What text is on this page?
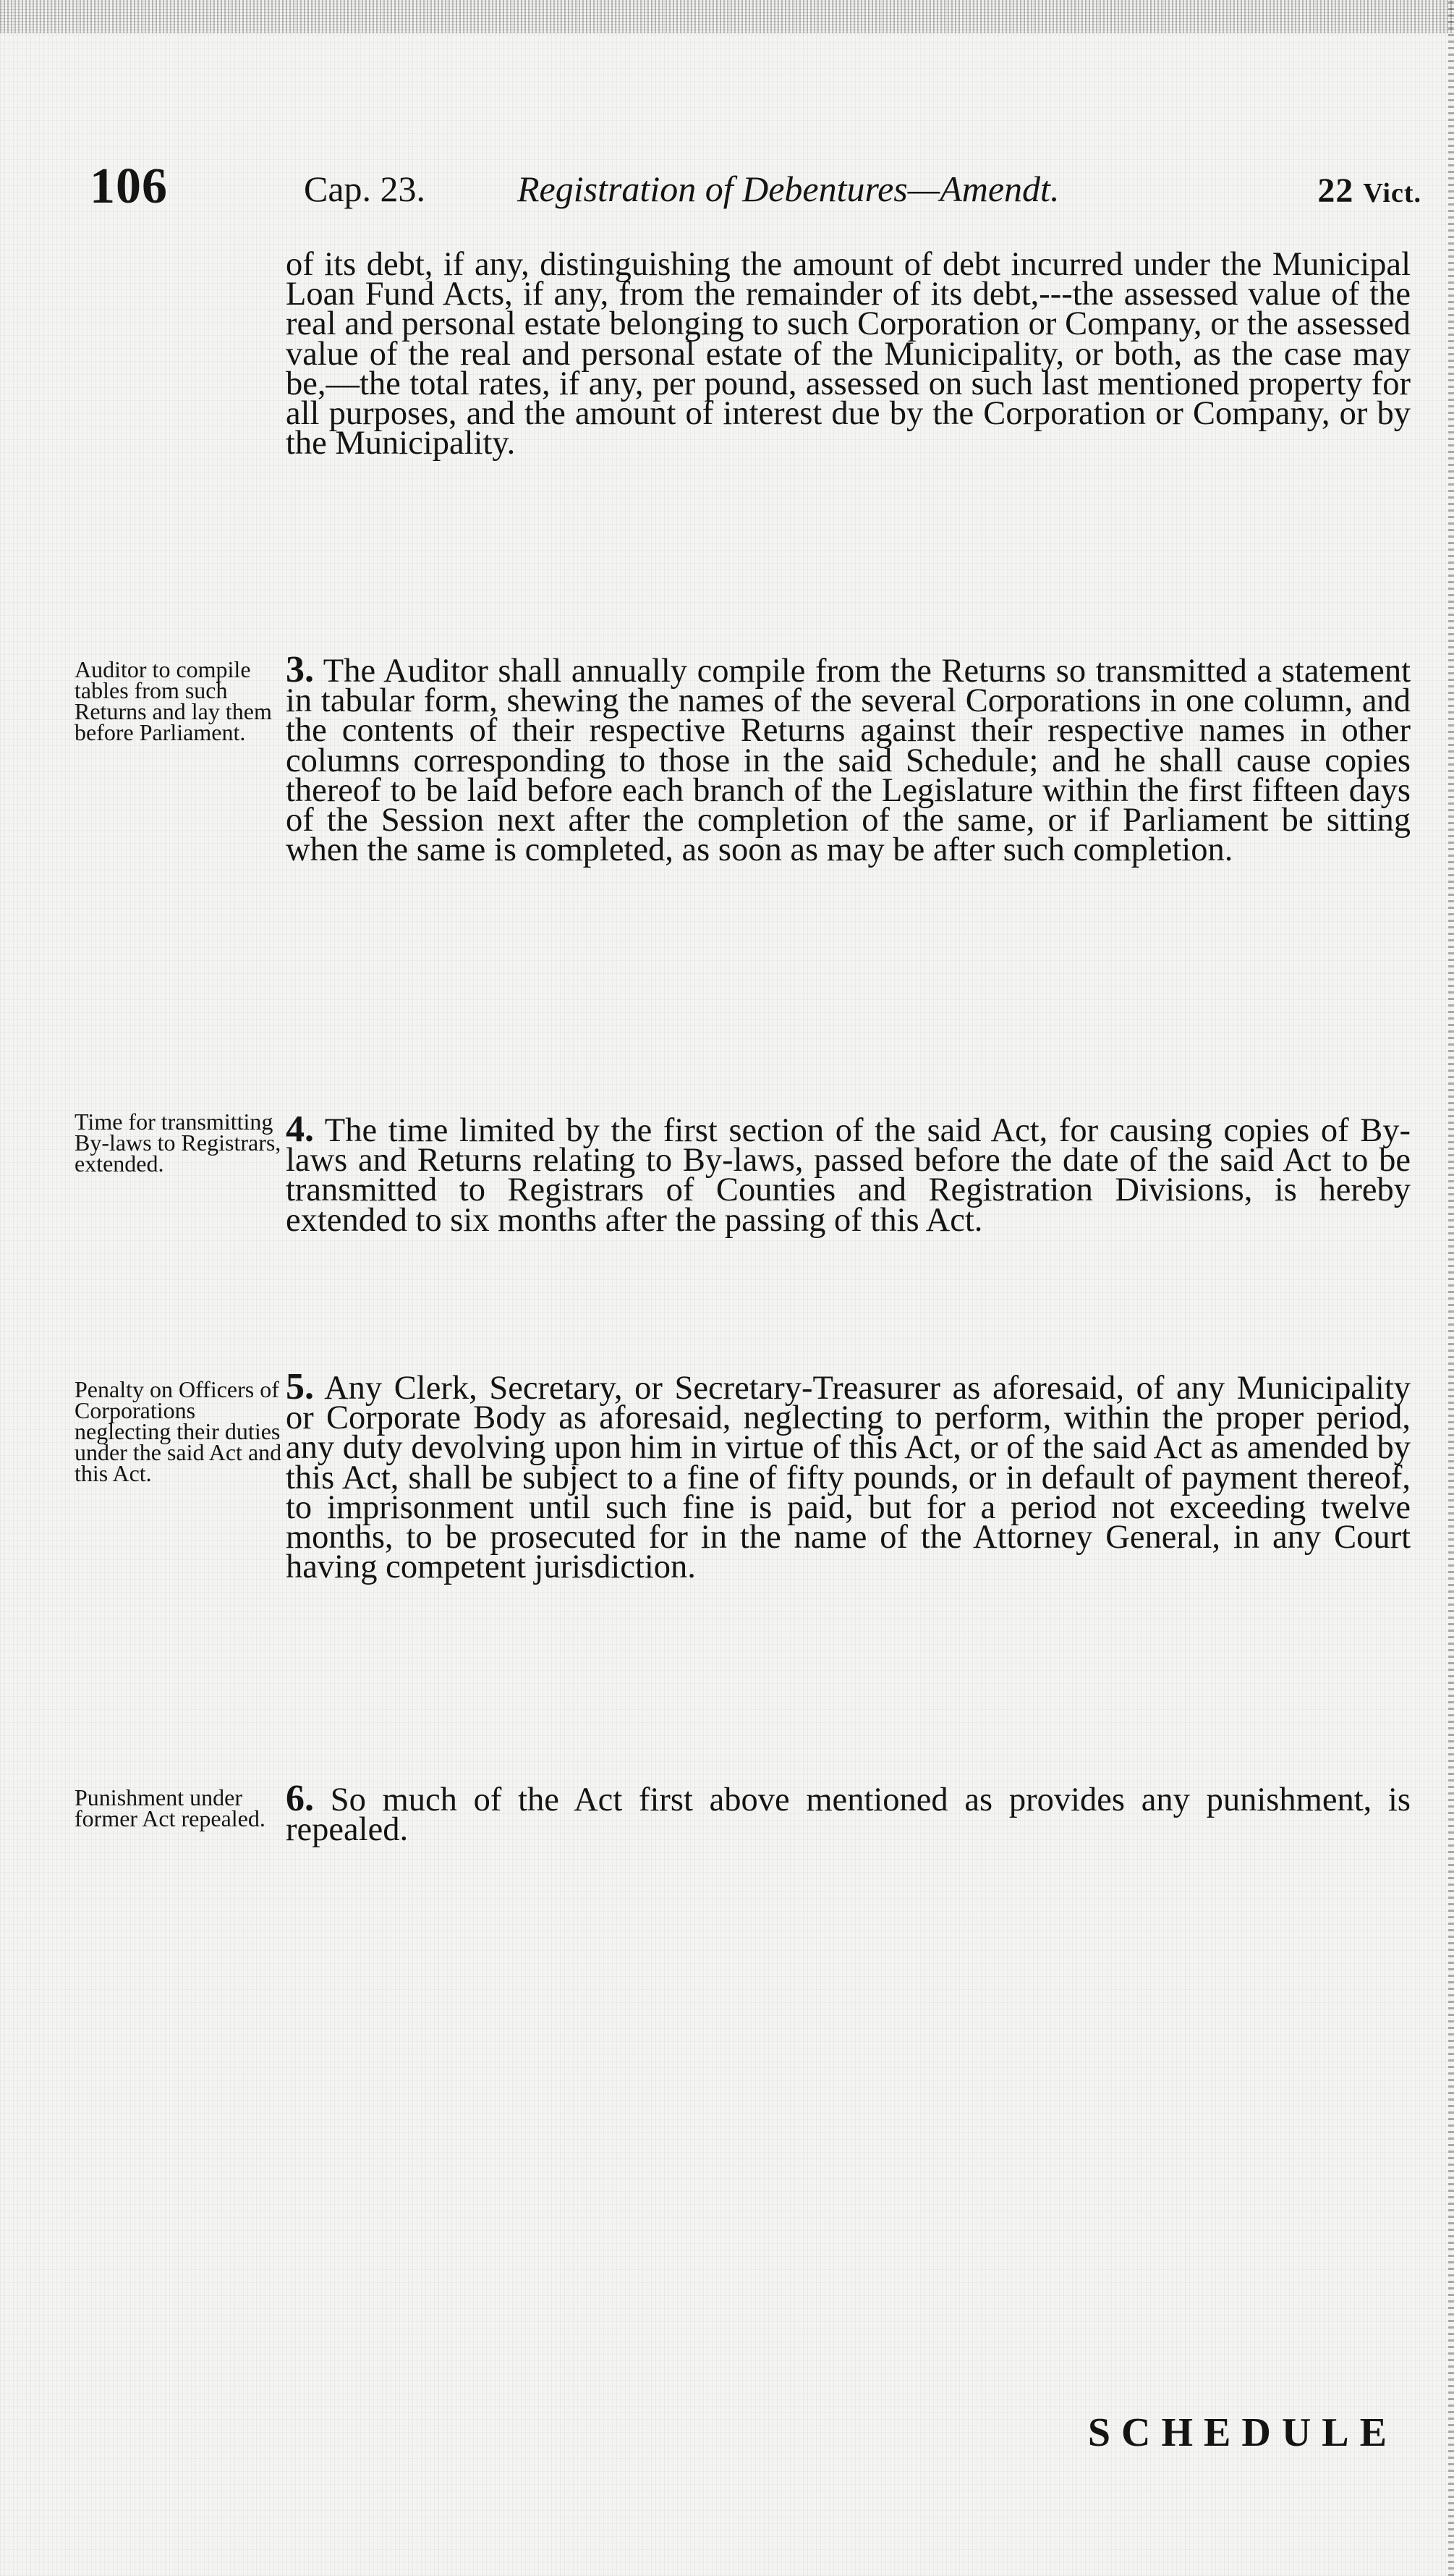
106	Cap. 23.	Registration of Debentures—Amendt.	22 Vict.

of its debt, if any, distinguishing the amount of debt incurred under the Municipal Loan Fund Acts, if any, from the remainder of its debt,---the assessed value of the real and personal estate belonging to such Corporation or Company, or the assessed value of the real and personal estate of the Municipality, or both, as the case may be,—the total rates, if any, per pound, assessed on such last mentioned property for all purposes, and the amount of interest due by the Corporation or Company, or by the Municipality.

Auditor to compile tables from such Returns and lay them before Parliament.

3. The Auditor shall annually compile from the Returns so transmitted a statement in tabular form, shewing the names of the several Corporations in one column, and the contents of their respective Returns against their respective names in other columns corresponding to those in the said Schedule; and he shall cause copies thereof to be laid before each branch of the Legislature within the first fifteen days of the Session next after the completion of the same, or if Parliament be sitting when the same is completed, as soon as may be after such completion.

Time for transmitting By-laws to Registrars, extended.

4. The time limited by the first section of the said Act, for causing copies of By-laws and Returns relating to By-laws, passed before the date of the said Act to be transmitted to Registrars of Counties and Registration Divisions, is hereby extended to six months after the passing of this Act.

Penalty on Officers of Corporations neglecting their duties under the said Act and this Act.

5. Any Clerk, Secretary, or Secretary-Treasurer as aforesaid, of any Municipality or Corporate Body as aforesaid, neglecting to perform, within the proper period, any duty devolving upon him in virtue of this Act, or of the said Act as amended by this Act, shall be subject to a fine of fifty pounds, or in default of payment thereof, to imprisonment until such fine is paid, but for a period not exceeding twelve months, to be prosecuted for in the name of the Attorney General, in any Court having competent jurisdiction.

Punishment under former Act repealed. 6. So much of the Act first above mentioned as provides any punishment, is repealed.

SCHEDULE
